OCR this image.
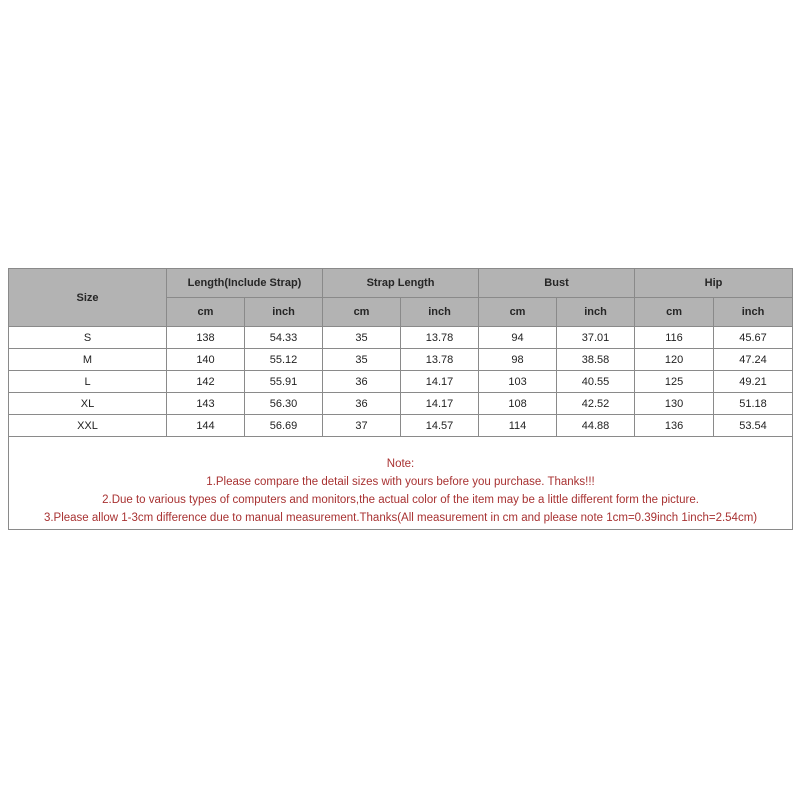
Size	Length(Include Strap)		Strap Length		Bust		Hip	
	cm	inch	cm	inch	cm	inch	cm	inch
S	138	54.33	35	13.78	94	37.01	116	45.67
M	140	55.12	35	13.78	98	38.58	120	47.24
L	142	55.91	36	14.17	103	40.55	125	49.21
XL	143	56.30	36	14.17	108	42.52	130	51.18
XXL	144	56.69	37	14.57	114	44.88	136	53.54

Note:
1.Please compare the detail sizes with yours before you purchase. Thanks!!!
2.Due to various types of computers and monitors,the actual color of the item may be a little different form the picture.
3.Please allow 1-3cm difference due to manual measurement.Thanks(All measurement in cm and please note 1cm=0.39inch 1inch=2.54cm)								
